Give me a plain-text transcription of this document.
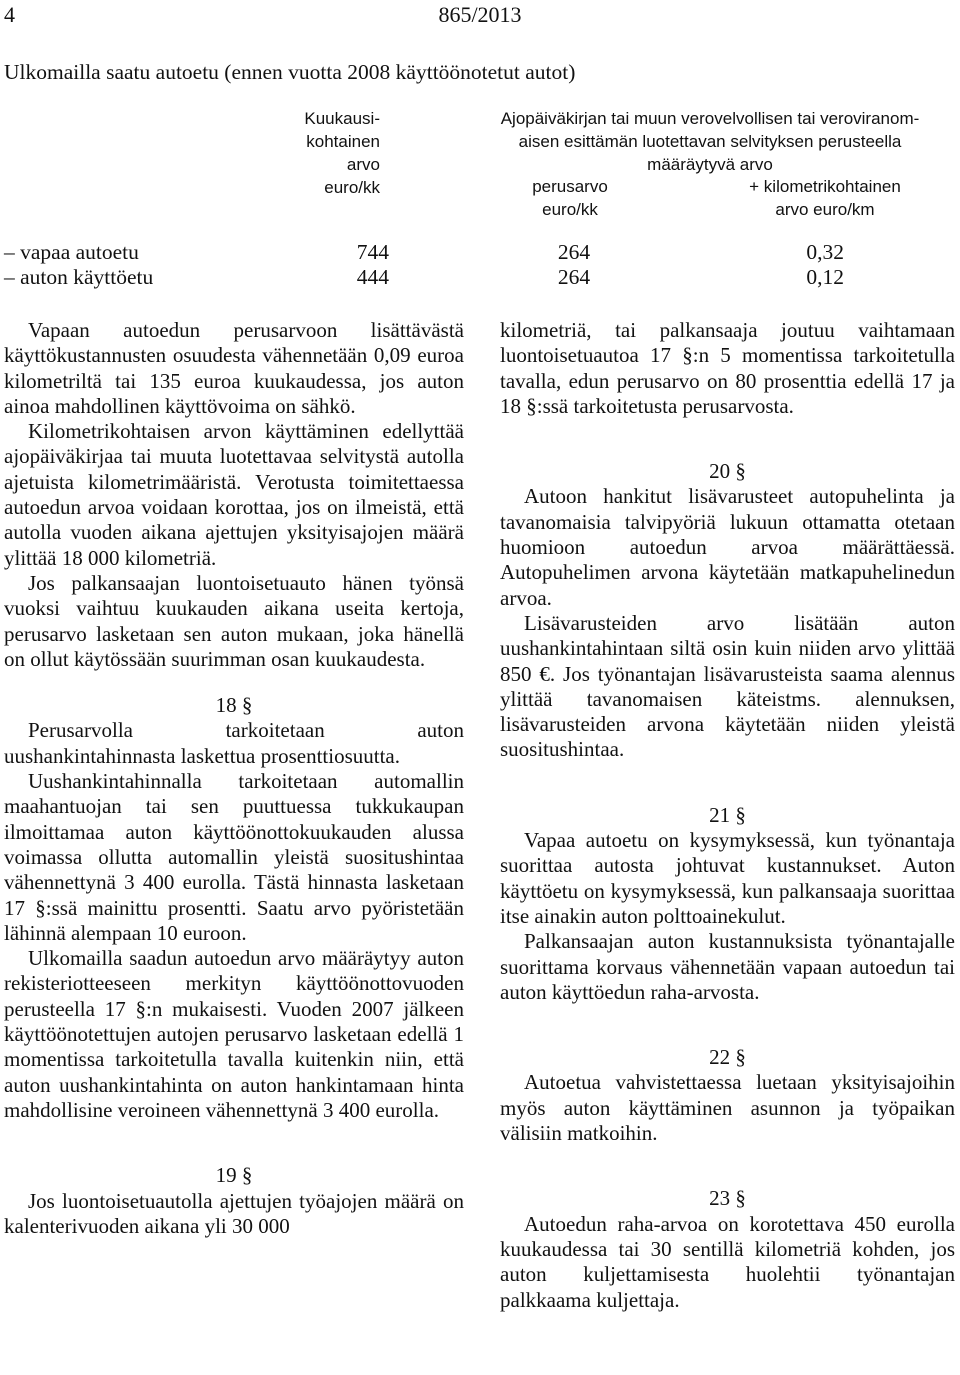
4	865/2013
Ulkomailla saatu autoetu (ennen vuotta 2008 käyttöönotetut autot)
Kuukausi-
kohtainen
arvo
euro/kk
Ajopäiväkirjan tai muun verovelvollisen tai veroviranom-
aisen esittämän luotettavan selvityksen perusteella
määräytyvä arvo
perusarvo
euro/kk
+ kilometrikohtainen
arvo euro/km
– vapaa autoetu	744	264	0,32
– auton käyttöetu	444	264	0,12

Vapaan autoedun perusarvoon lisättävästä käyttökustannusten osuudesta vähennetään 0,09 euroa kilometriltä tai 135 euroa kuukaudessa, jos auton ainoa mahdollinen käyttövoima on sähkö.

Kilometrikohtaisen arvon käyttäminen edellyttää ajopäiväkirjaa tai muuta luotettavaa selvitystä autolla ajetuista kilometrimääristä. Verotusta toimitettaessa autoedun arvoa voidaan korottaa, jos on ilmeistä, että autolla vuoden aikana ajettujen yksityisajojen määrä ylittää 18 000 kilometriä.

Jos palkansaajan luontoisetuauto hänen työnsä vuoksi vaihtuu kuukauden aikana useita kertoja, perusarvo lasketaan sen auton mukaan, joka hänellä on ollut käytössään suurimman osan kuukaudesta.

18 §

Perusarvolla tarkoitetaan auton uushankintahinnasta laskettua prosenttiosuutta.

Uushankintahinnalla tarkoitetaan automallin maahantuojan tai sen puuttuessa tukkukaupan ilmoittamaa auton käyttöönottokuukauden alussa voimassa ollutta automallin yleistä suositushintaa vähennettynä 3 400 eurolla. Tästä hinnasta lasketaan 17 §:ssä mainittu prosentti. Saatu arvo pyöristetään lähinnä alempaan 10 euroon.

Ulkomailla saadun autoedun arvo määräytyy auton rekisteriotteeseen merkityn käyttöönottovuoden perusteella 17 §:n mukaisesti. Vuoden 2007 jälkeen käyttöönotettujen autojen perusarvo lasketaan edellä 1 momentissa tarkoitetulla tavalla kuitenkin niin, että auton uushankintahinta on auton hankintamaan hinta mahdollisine veroineen vähennettynä 3 400 eurolla.

19 §

Jos luontoisetuautolla ajettujen työajojen määrä on kalenterivuoden aikana yli 30 000

kilometriä, tai palkansaaja joutuu vaihtamaan luontoisetuautoa 17 §:n 5 momentissa tarkoitetulla tavalla, edun perusarvo on 80 prosenttia edellä 17 ja 18 §:ssä tarkoitetusta perusarvosta.

20 §

Autoon hankitut lisävarusteet autopuhelinta ja tavanomaisia talvipyöriä lukuun ottamatta otetaan huomioon autoedun arvoa määrättäessä. Autopuhelimen arvona käytetään matkapuhelinedun arvoa.

Lisävarusteiden arvo lisätään auton uushankintahintaan siltä osin kuin niiden arvo ylittää 850 €. Jos työnantajan lisävarusteista saama alennus ylittää tavanomaisen käteistms. alennuksen, lisävarusteiden arvona käytetään niiden yleistä suositushintaa.

21 §

Vapaa autoetu on kysymyksessä, kun työnantaja suorittaa autosta johtuvat kustannukset. Auton käyttöetu on kysymyksessä, kun palkansaaja suorittaa itse ainakin auton polttoainekulut.

Palkansaajan auton kustannuksista työnantajalle suorittama korvaus vähennetään vapaan autoedun tai auton käyttöedun raha-arvosta.

22 §

Autoetua vahvistettaessa luetaan yksityisajoihin myös auton käyttäminen asunnon ja työpaikan välisiin matkoihin.

23 §

Autoedun raha-arvoa on korotettava 450 eurolla kuukaudessa tai 30 sentillä kilometriä kohden, jos auton kuljettamisesta huolehtii työnantajan palkkaama kuljettaja.
